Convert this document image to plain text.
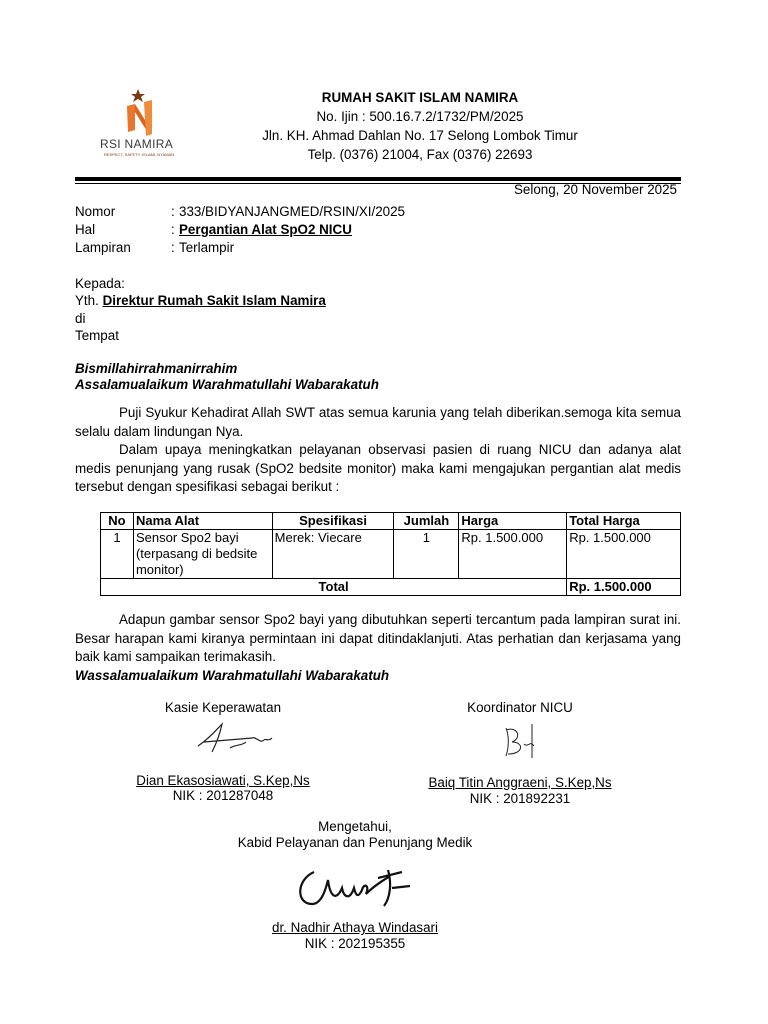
RSI NAMIRA
RESPECT, SAFETY, ISLAMI, NYAMAN
RUMAH SAKIT ISLAM NAMIRA
No. Ijin : 500.16.7.2/1732/PM/2025
Jln. KH. Ahmad Dahlan No. 17 Selong Lombok Timur
Telp. (0376) 21004, Fax (0376) 22693
Selong, 20 November 2025
Nomor	: 333/BIDYANJANGMED/RSIN/XI/2025
Hal	: Pergantian Alat SpO2 NICU
Lampiran	: Terlampir
Kepada:
Yth. Direktur Rumah Sakit Islam Namira
di
Tempat
Bismillahirrahmanirrahim
Assalamualaikum Warahmatullahi Wabarakatuh
Puji Syukur Kehadirat Allah SWT atas semua karunia yang telah diberikan.semoga kita semua selalu dalam lindungan Nya.
Dalam upaya meningkatkan pelayanan observasi pasien di ruang NICU dan adanya alat medis penunjang yang rusak (SpO2 bedsite monitor) maka kami mengajukan pergantian alat medis tersebut dengan spesifikasi sebagai berikut :
No	Nama Alat	Spesifikasi	Jumlah	Harga	Total Harga
1	Sensor Spo2 bayi (terpasang di bedsite monitor)	Merek: Viecare	1	Rp. 1.500.000	Rp. 1.500.000
Total					Rp. 1.500.000
Adapun gambar sensor Spo2 bayi yang dibutuhkan seperti tercantum pada lampiran surat ini. Besar harapan kami kiranya permintaan ini dapat ditindaklanjuti. Atas perhatian dan kerjasama yang baik kami sampaikan terimakasih.
Wassalamualaikum Warahmatullahi Wabarakatuh
Kasie Keperawatan
Dian Ekasosiawati, S.Kep,Ns
NIK : 201287048
Koordinator NICU
Baiq Titin Anggraeni, S.Kep,Ns
NIK : 201892231
Mengetahui,
Kabid Pelayanan dan Penunjang Medik
dr. Nadhir Athaya Windasari
NIK : 202195355
